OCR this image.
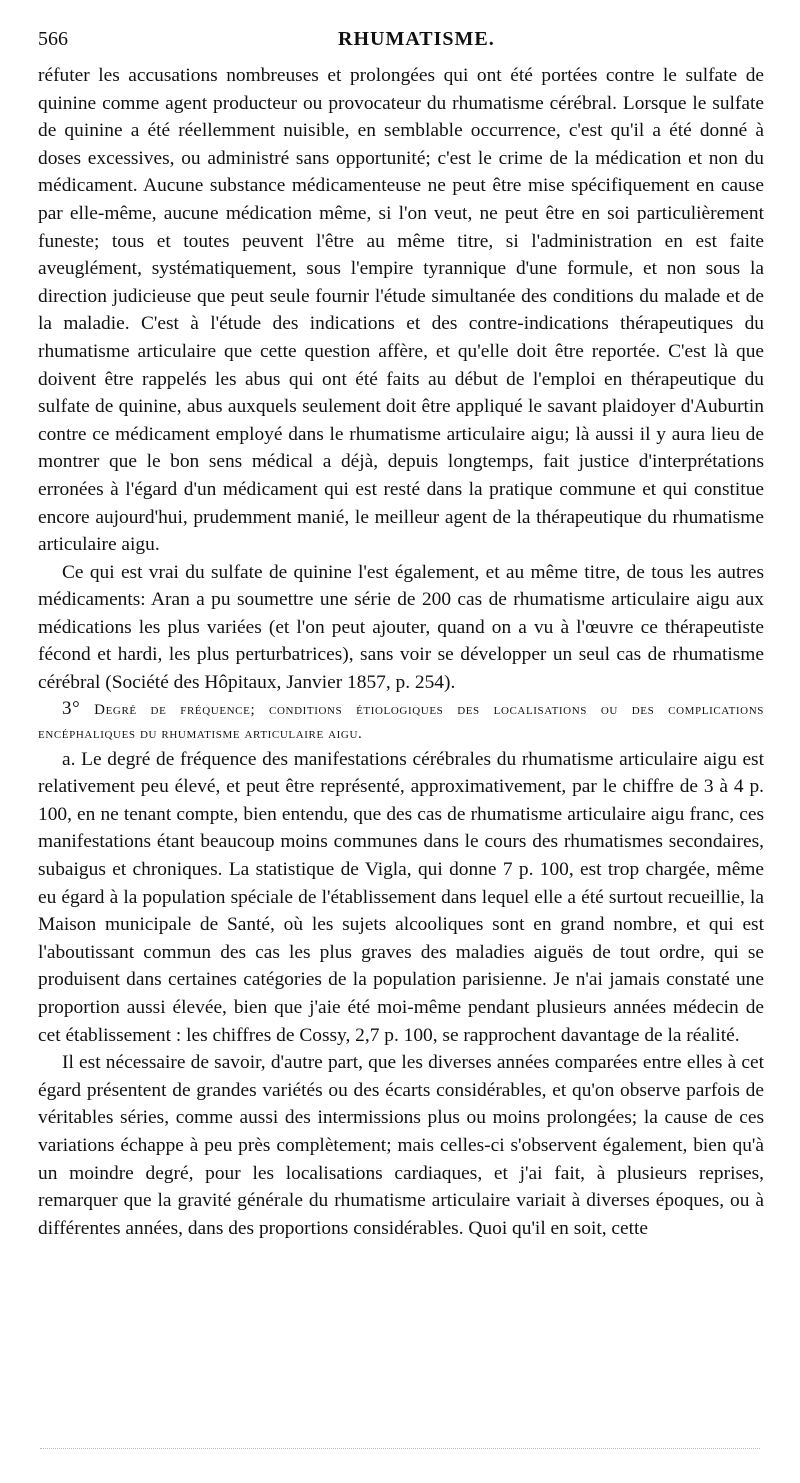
566	RHUMATISME.

réfuter les accusations nombreuses et prolongées qui ont été portées contre le sulfate de quinine comme agent producteur ou provocateur du rhumatisme cérébral. Lorsque le sulfate de quinine a été réellemment nuisible, en semblable occurrence, c'est qu'il a été donné à doses excessives, ou administré sans opportunité; c'est le crime de la médication et non du médicament. Aucune substance médicamenteuse ne peut être mise spécifiquement en cause par elle-même, aucune médication même, si l'on veut, ne peut être en soi particulièrement funeste; tous et toutes peuvent l'être au même titre, si l'administration en est faite aveuglément, systématiquement, sous l'empire tyrannique d'une formule, et non sous la direction judicieuse que peut seule fournir l'étude simultanée des conditions du malade et de la maladie. C'est à l'étude des indications et des contre-indications thérapeutiques du rhumatisme articulaire que cette question affère, et qu'elle doit être reportée. C'est là que doivent être rappelés les abus qui ont été faits au début de l'emploi en thérapeutique du sulfate de quinine, abus auxquels seulement doit être appliqué le savant plaidoyer d'Auburtin contre ce médicament employé dans le rhumatisme articulaire aigu; là aussi il y aura lieu de montrer que le bon sens médical a déjà, depuis longtemps, fait justice d'interprétations erronées à l'égard d'un médicament qui est resté dans la pratique commune et qui constitue encore aujourd'hui, prudemment manié, le meilleur agent de la thérapeutique du rhumatisme articulaire aigu.

Ce qui est vrai du sulfate de quinine l'est également, et au même titre, de tous les autres médicaments: Aran a pu soumettre une série de 200 cas de rhumatisme articulaire aigu aux médications les plus variées (et l'on peut ajouter, quand on a vu à l'œuvre ce thérapeutiste fécond et hardi, les plus perturbatrices), sans voir se développer un seul cas de rhumatisme cérébral (Société des Hôpitaux, Janvier 1857, p. 254).

3° Degré de fréquence; conditions étiologiques des localisations ou des complications encéphaliques du rhumatisme articulaire aigu.

a. Le degré de fréquence des manifestations cérébrales du rhumatisme articulaire aigu est relativement peu élevé, et peut être représenté, approximativement, par le chiffre de 3 à 4 p. 100, en ne tenant compte, bien entendu, que des cas de rhumatisme articulaire aigu franc, ces manifestations étant beaucoup moins communes dans le cours des rhumatismes secondaires, subaigus et chroniques. La statistique de Vigla, qui donne 7 p. 100, est trop chargée, même eu égard à la population spéciale de l'établissement dans lequel elle a été surtout recueillie, la Maison municipale de Santé, où les sujets alcooliques sont en grand nombre, et qui est l'aboutissant commun des cas les plus graves des maladies aiguës de tout ordre, qui se produisent dans certaines catégories de la population parisienne. Je n'ai jamais constaté une proportion aussi élevée, bien que j'aie été moi-même pendant plusieurs années médecin de cet établissement : les chiffres de Cossy, 2,7 p. 100, se rapprochent davantage de la réalité.

Il est nécessaire de savoir, d'autre part, que les diverses années comparées entre elles à cet égard présentent de grandes variétés ou des écarts considérables, et qu'on observe parfois de véritables séries, comme aussi des intermissions plus ou moins prolongées; la cause de ces variations échappe à peu près complètement; mais celles-ci s'observent également, bien qu'à un moindre degré, pour les localisations cardiaques, et j'ai fait, à plusieurs reprises, remarquer que la gravité générale du rhumatisme articulaire variait à diverses époques, ou à différentes années, dans des proportions considérables. Quoi qu'il en soit, cette
